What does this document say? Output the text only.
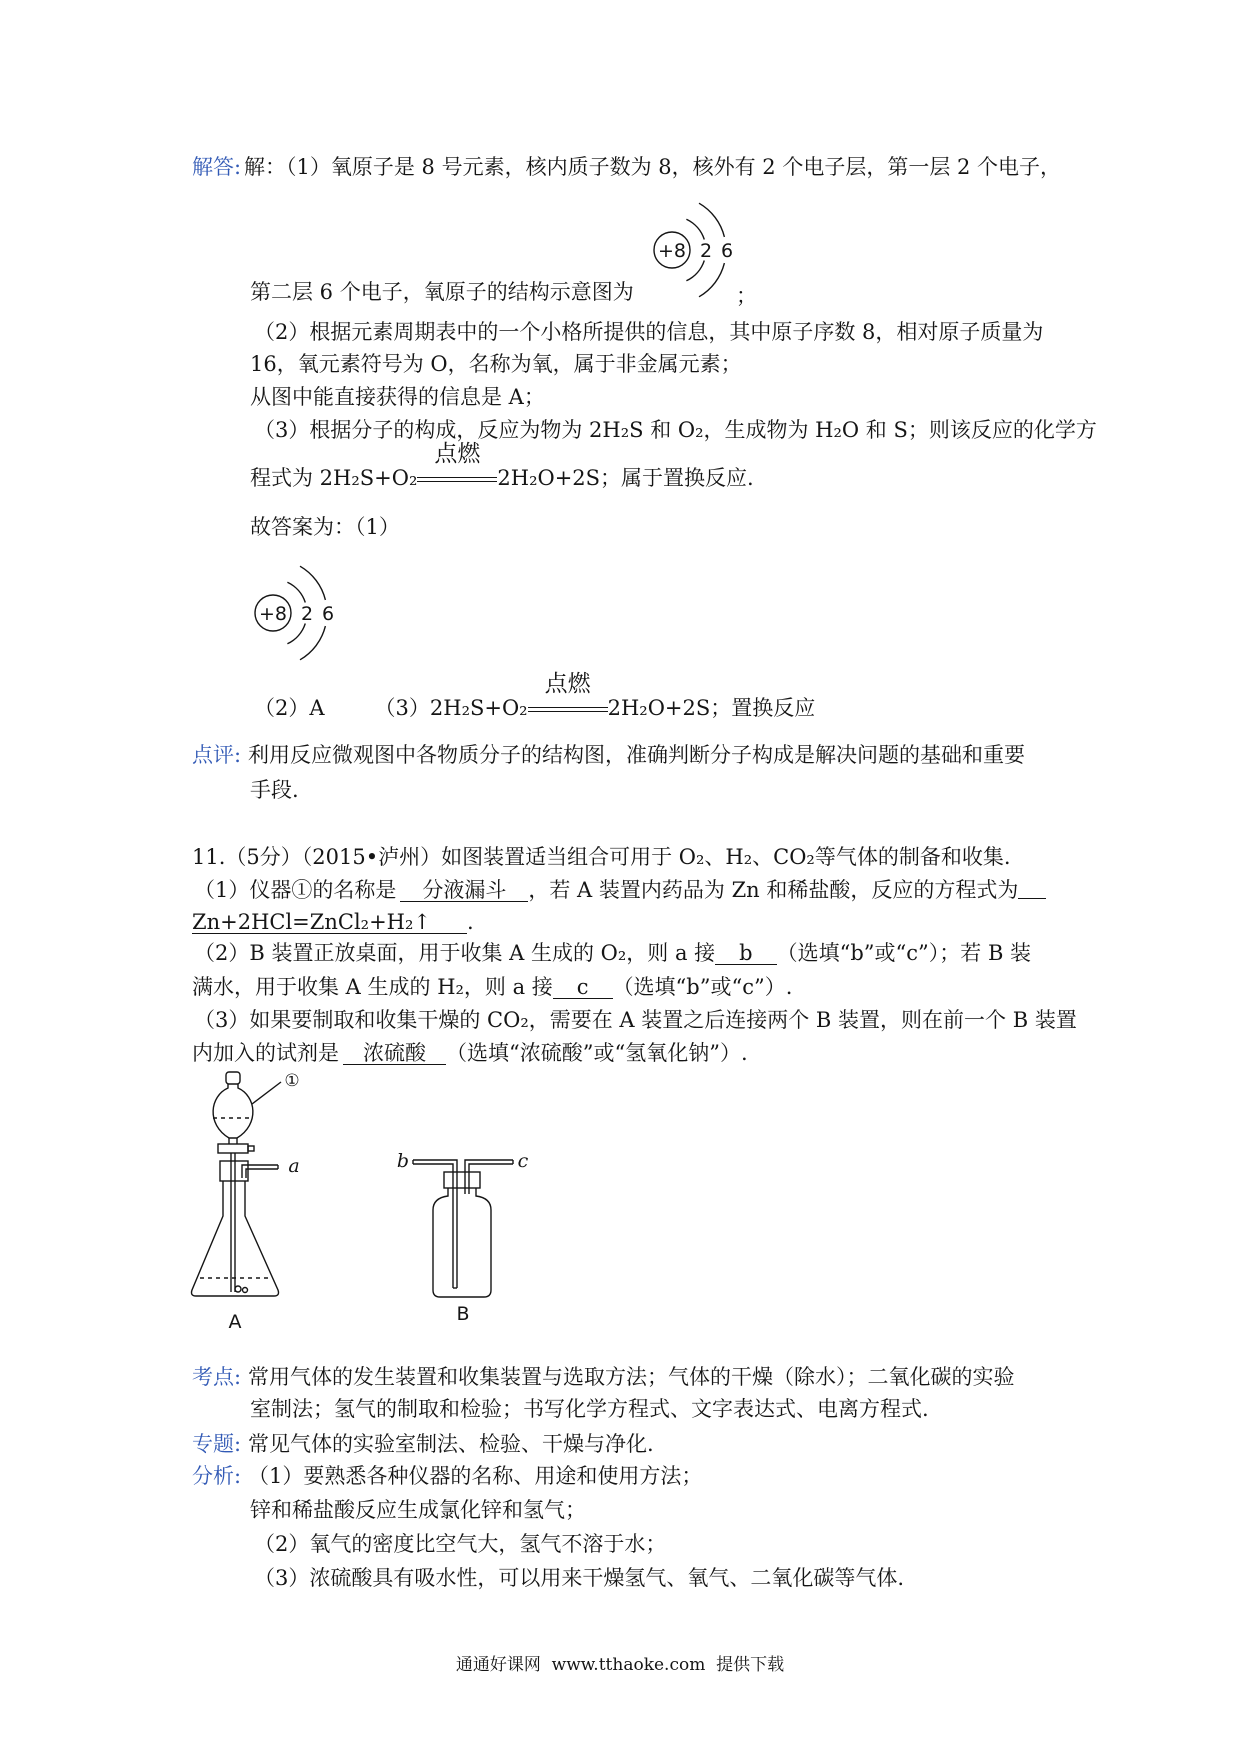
解答: 解：（1）氧原子是 8 号元素，核内质子数为 8，核外有 2 个电子层，第一层 2 个电子，
+8 2 6
第二层 6 个电子，氧原子的结构示意图为	；
（2）根据元素周期表中的一个小格所提供的信息，其中原子序数 8，相对原子质量为
16，氧元素符号为 O，名称为氧，属于非金属元素；
从图中能直接获得的信息是 A；
（3）根据分子的构成，反应为物为 2H₂S 和 O₂，生成物为 H₂O 和 S；则该反应的化学方
程式为 2H₂S+O₂
点燃
2H₂O+2S；属于置换反应.
故答案为：（1）
+8 2 6
（2）A （3）2H₂S+O₂
点燃
2H₂O+2S；置换反应
点评: 利用反应微观图中各物质分子的结构图，准确判断分子构成是解决问题的基础和重要
手段.
11.（5分）（2015•泸州）如图装置适当组合可用于 O₂、H₂、CO₂等气体的制备和收集.
（1）仪器①的名称是 分液漏斗 ，若 A 装置内药品为 Zn 和稀盐酸，反应的方程式为
Zn+2HCl=ZnCl₂+H₂↑ .
（2）B 装置正放桌面，用于收集 A 生成的 O₂，则 a 接 b （选填“b”或“c”）；若 B 装
满水，用于收集 A 生成的 H₂，则 a 接 c （选填“b”或“c”）.
（3）如果要制取和收集干燥的 CO₂，需要在 A 装置之后连接两个 B 装置，则在前一个 B 装置
内加入的试剂是 浓硫酸 （选填“浓硫酸”或“氢氧化钠”）.
①
a
A
b	c
B
考点: 常用气体的发生装置和收集装置与选取方法；气体的干燥（除水）；二氧化碳的实验
室制法；氢气的制取和检验；书写化学方程式、文字表达式、电离方程式.
专题: 常见气体的实验室制法、检验、干燥与净化.
分析: （1）要熟悉各种仪器的名称、用途和使用方法；
锌和稀盐酸反应生成氯化锌和氢气；
（2）氧气的密度比空气大，氢气不溶于水；
（3）浓硫酸具有吸水性，可以用来干燥氢气、氧气、二氧化碳等气体.
通通好课网  www.tthaoke.com  提供下载
